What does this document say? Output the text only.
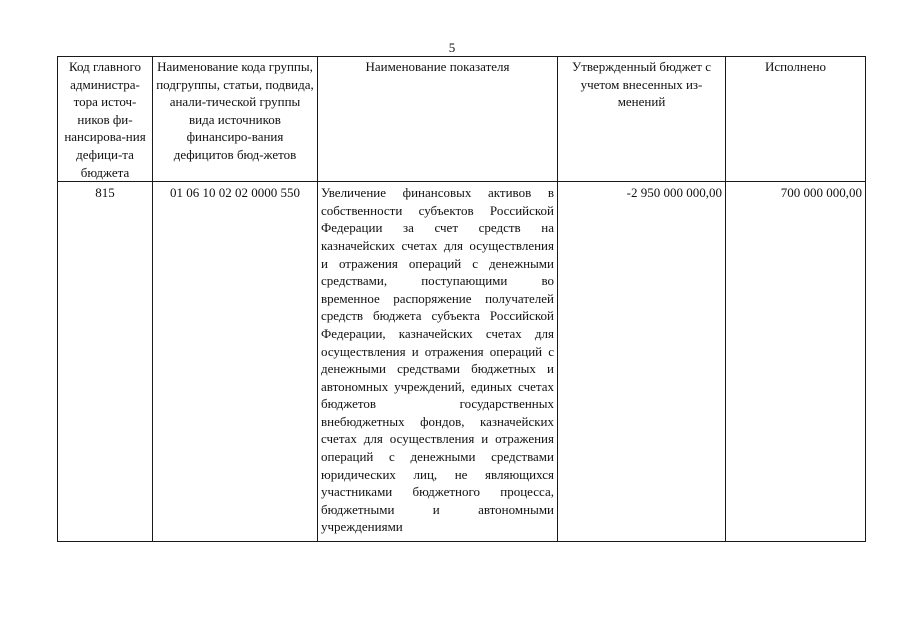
5
Код главного администра-тора источ-ников фи-нансирова-ния дефици-та бюджета	Наименование кода группы, подгруппы, статьи, подвида, анали-тической группы вида источников финансиро-вания дефицитов бюд-жетов	Наименование показателя	Утвержденный бюджет с учетом внесенных из-менений	Исполнено
815	01 06 10 02 02 0000 550	Увеличение финансовых активов в собственности субъектов Российской Федерации за счет средств на казначейских счетах для осуществления и отражения операций с денежными средствами, поступающими во временное распоряжение получателей средств бюджета субъекта Российской Федерации, казначейских счетах для осуществления и отражения операций с денежными средствами бюджетных и автономных учреждений, единых счетах бюджетов государственных внебюджетных фондов, казначейских счетах для осуществления и отражения операций с денежными средствами юридических лиц, не являющихся участниками бюджетного процесса, бюджетными и автономными учреждениями	-2 950 000 000,00	700 000 000,00
